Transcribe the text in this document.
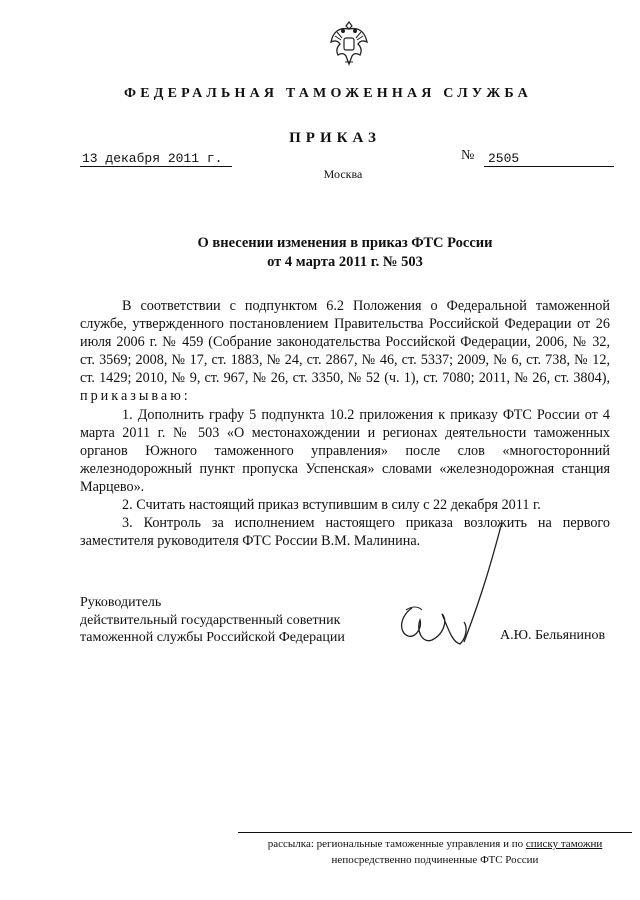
ФЕДЕРАЛЬНАЯ ТАМОЖЕННАЯ СЛУЖБА
ПРИКАЗ
13 декабря 2011 г.	№	2505
Москва
О внесении изменения в приказ ФТС России
от 4 марта 2011 г. № 503

В соответствии с подпунктом 6.2 Положения о Федеральной таможенной службе, утвержденного постановлением Правительства Российской Федерации от 26 июля 2006 г. № 459 (Собрание законодательства Российской Федерации, 2006, № 32, ст. 3569; 2008, № 17, ст. 1883, № 24, ст. 2867, № 46, ст. 5337; 2009, № 6, ст. 738, № 12, ст. 1429; 2010, № 9, ст. 967, № 26, ст. 3350, № 52 (ч. 1), ст. 7080; 2011, № 26, ст. 3804), приказываю:

1. Дополнить графу 5 подпункта 10.2 приложения к приказу ФТС России от 4 марта 2011 г. № 503 «О местонахождении и регионах деятельности таможенных органов Южного таможенного управления» после слов «многосторонний железнодорожный пункт пропуска Успенская» словами «железнодорожная станция Марцево».

2. Считать настоящий приказ вступившим в силу с 22 декабря 2011 г.

3. Контроль за исполнением настоящего приказа возложить на первого заместителя руководителя ФТС России В.М. Малинина.

Руководитель
действительный государственный советник
таможенной службы Российской Федерации	А.Ю. Бельянинов
рассылка: региональные таможенные управления и по списку таможни
непосредственно подчиненные ФТС России
